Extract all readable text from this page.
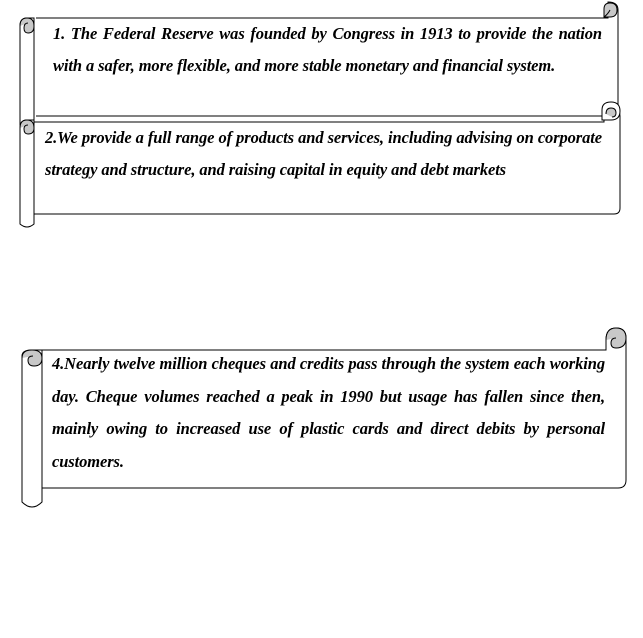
1. The Federal Reserve was founded by Congress in 1913 to provide the nation with a safer, more flexible, and more stable monetary and financial system.

2.We provide a full range of products and services, including advising on corporate strategy and structure, and raising capital in equity and debt markets

4.Nearly twelve million cheques and credits pass through the system each working day. Cheque volumes reached a peak in 1990 but usage has fallen since then, mainly owing to increased use of plastic cards and direct debits by personal customers.
